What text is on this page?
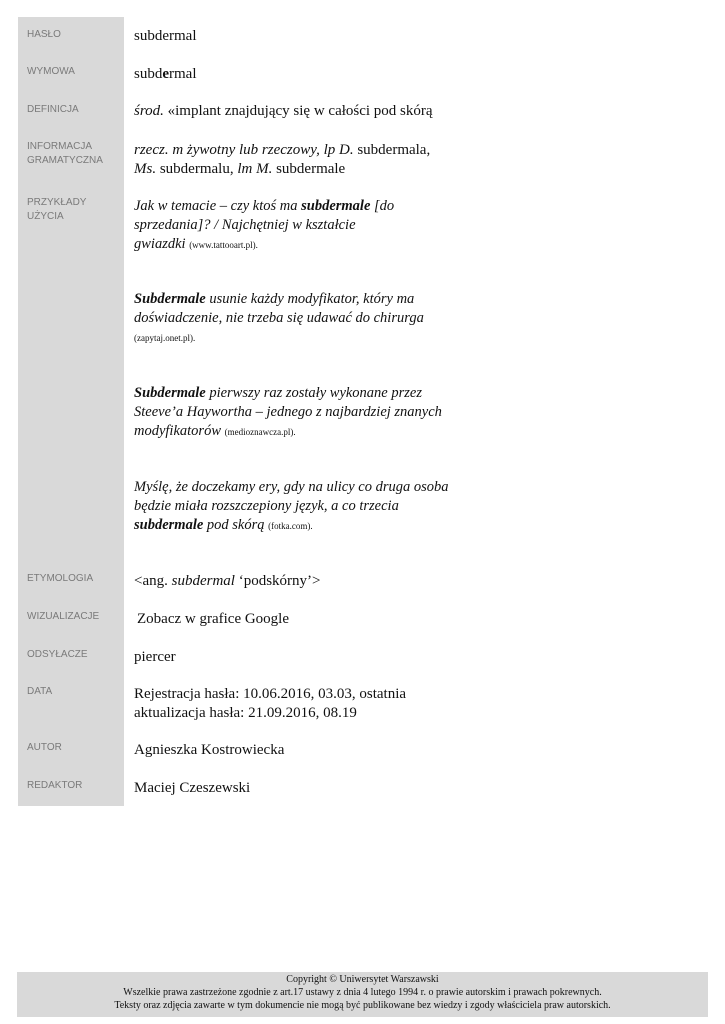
HASŁO
WYMOWA
DEFINICJA
INFORMACJA GRAMATYCZNA
PRZYKŁADY UŻYCIA
ETYMOLOGIA
WIZUALIZACJE
ODSYŁACZE
DATA
AUTOR
REDAKTOR
subdermal
subdermal
środ. «implant znajdujący się w całości pod skórą
rzecz. m żywotny lub rzeczowy, lp D. subdermala,
Ms. subdermalu, lm M. subdermale
Jak w temacie – czy ktoś ma subdermale [do sprzedania]? / Najchętniej w kształcie gwiazdki (www.tattooart.pl).
Subdermale usunie każdy modyfikator, który ma doświadczenie, nie trzeba się udawać do chirurga (zapytaj.onet.pl).
Subdermale pierwszy raz zostały wykonane przez Steeve’a Haywortha – jednego z najbardziej znanych modyfikatorów (medioznawcza.pl).
Myślę, że doczekamy ery, gdy na ulicy co druga osoba będzie miała rozszczepiony język, a co trzecia subdermale pod skórą (fotka.com).
<ang. subdermal ‘podskórny’>
Zobacz w grafice Google
piercer
Rejestracja hasła: 10.06.2016, 03.03, ostatnia
aktualizacja hasła: 21.09.2016, 08.19
Agnieszka Kostrowiecka
Maciej Czeszewski
Copyright © Uniwersytet Warszawski
Wszelkie prawa zastrzeżone zgodnie z art.17 ustawy z dnia 4 lutego 1994 r. o prawie autorskim i prawach pokrewnych.
Teksty oraz zdjęcia zawarte w tym dokumencie nie mogą być publikowane bez wiedzy i zgody właściciela praw autorskich.
